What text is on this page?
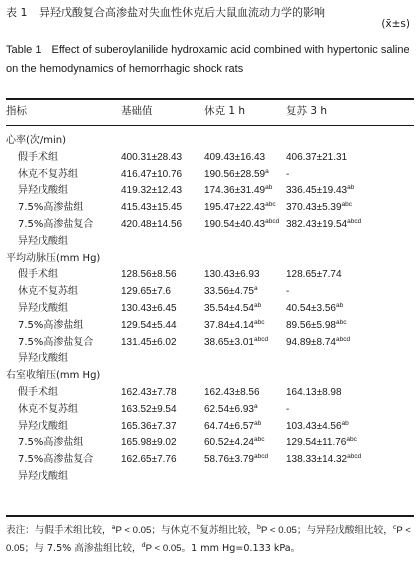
表 1 异羟戊酸复合高渗盐对失血性休克后大鼠血流动力学的影响
(x̄±s)
Table 1 Effect of suberoylanilide hydroxamic acid combined with hypertonic saline on the hemodynamics of hemorrhagic shock rats
指标	基础值	休克 1 h	复苏 3 h
心率(次/min)
假手术组	400.31±28.43 409.43±16.43 406.37±21.31
休克不复苏组	416.47±10.76 190.56±28.59$^a$ -
异羟戊酸组	419.32±12.43 174.36±31.49$^{ab}$ 336.45±19.43$^{ab}$
7.5%高渗盐组	415.43±15.45 195.47±22.43$^{abc}$ 370.43±5.39$^{abc}$
7.5%高渗盐复合	420.48±14.56 $190.54\pm 40.43^{abcd}$ $382.43\pm 19.54^{abcd}$
异羟戊酸组
平均动脉压(mm Hg)
假手术组	128.56±8.56	130.43±6.93	128.65±7.74
休克不复苏组	129.65±7.6	33.56±4.75$^a$	-
异羟戊酸组	130.43±6.45	35.54±4.54$^{ab}$ 40.54±3.56$^{ab}$
7.5%高渗盐组	129.54±5.44	37.84±4.14$^{abc}$ 89.56±5.98$^{abc}$
7.5%高渗盐复合	131.45±6.02	$38.65\pm 3.01^{abcd}$ $94.89\pm 8.74^{abcd}$
异羟戊酸组
右室收缩压(mm Hg)
假手术组	162.43±7.78	162.43±8.56	164.13±8.98
休克不复苏组	163.52±9.54	62.54±6.93$^a$	-
异羟戊酸组	165.36±7.37	64.74±6.57$^{ab}$ 103.43±4.56$^{ab}$
7.5%高渗盐组	165.98±9.02	60.52±4.24$^{abc}$ 129.54±11.76$^{abc}$
7.5%高渗盐复合	162.65±7.76	$58.76\pm 3.79^{abcd}$ $138.33\pm 14.32^{abcd}$
异羟戊酸组
表注：与假手术组比较，$^a$P < 0.05；与休克不复苏组比较，$^b$P < 0.05；与异羟戊酸组比较，$^c$P < 0.05；与 7.5% 高渗盐组比较，$^d$P < 0.05。1 mm Hg=0.133 kPa。
